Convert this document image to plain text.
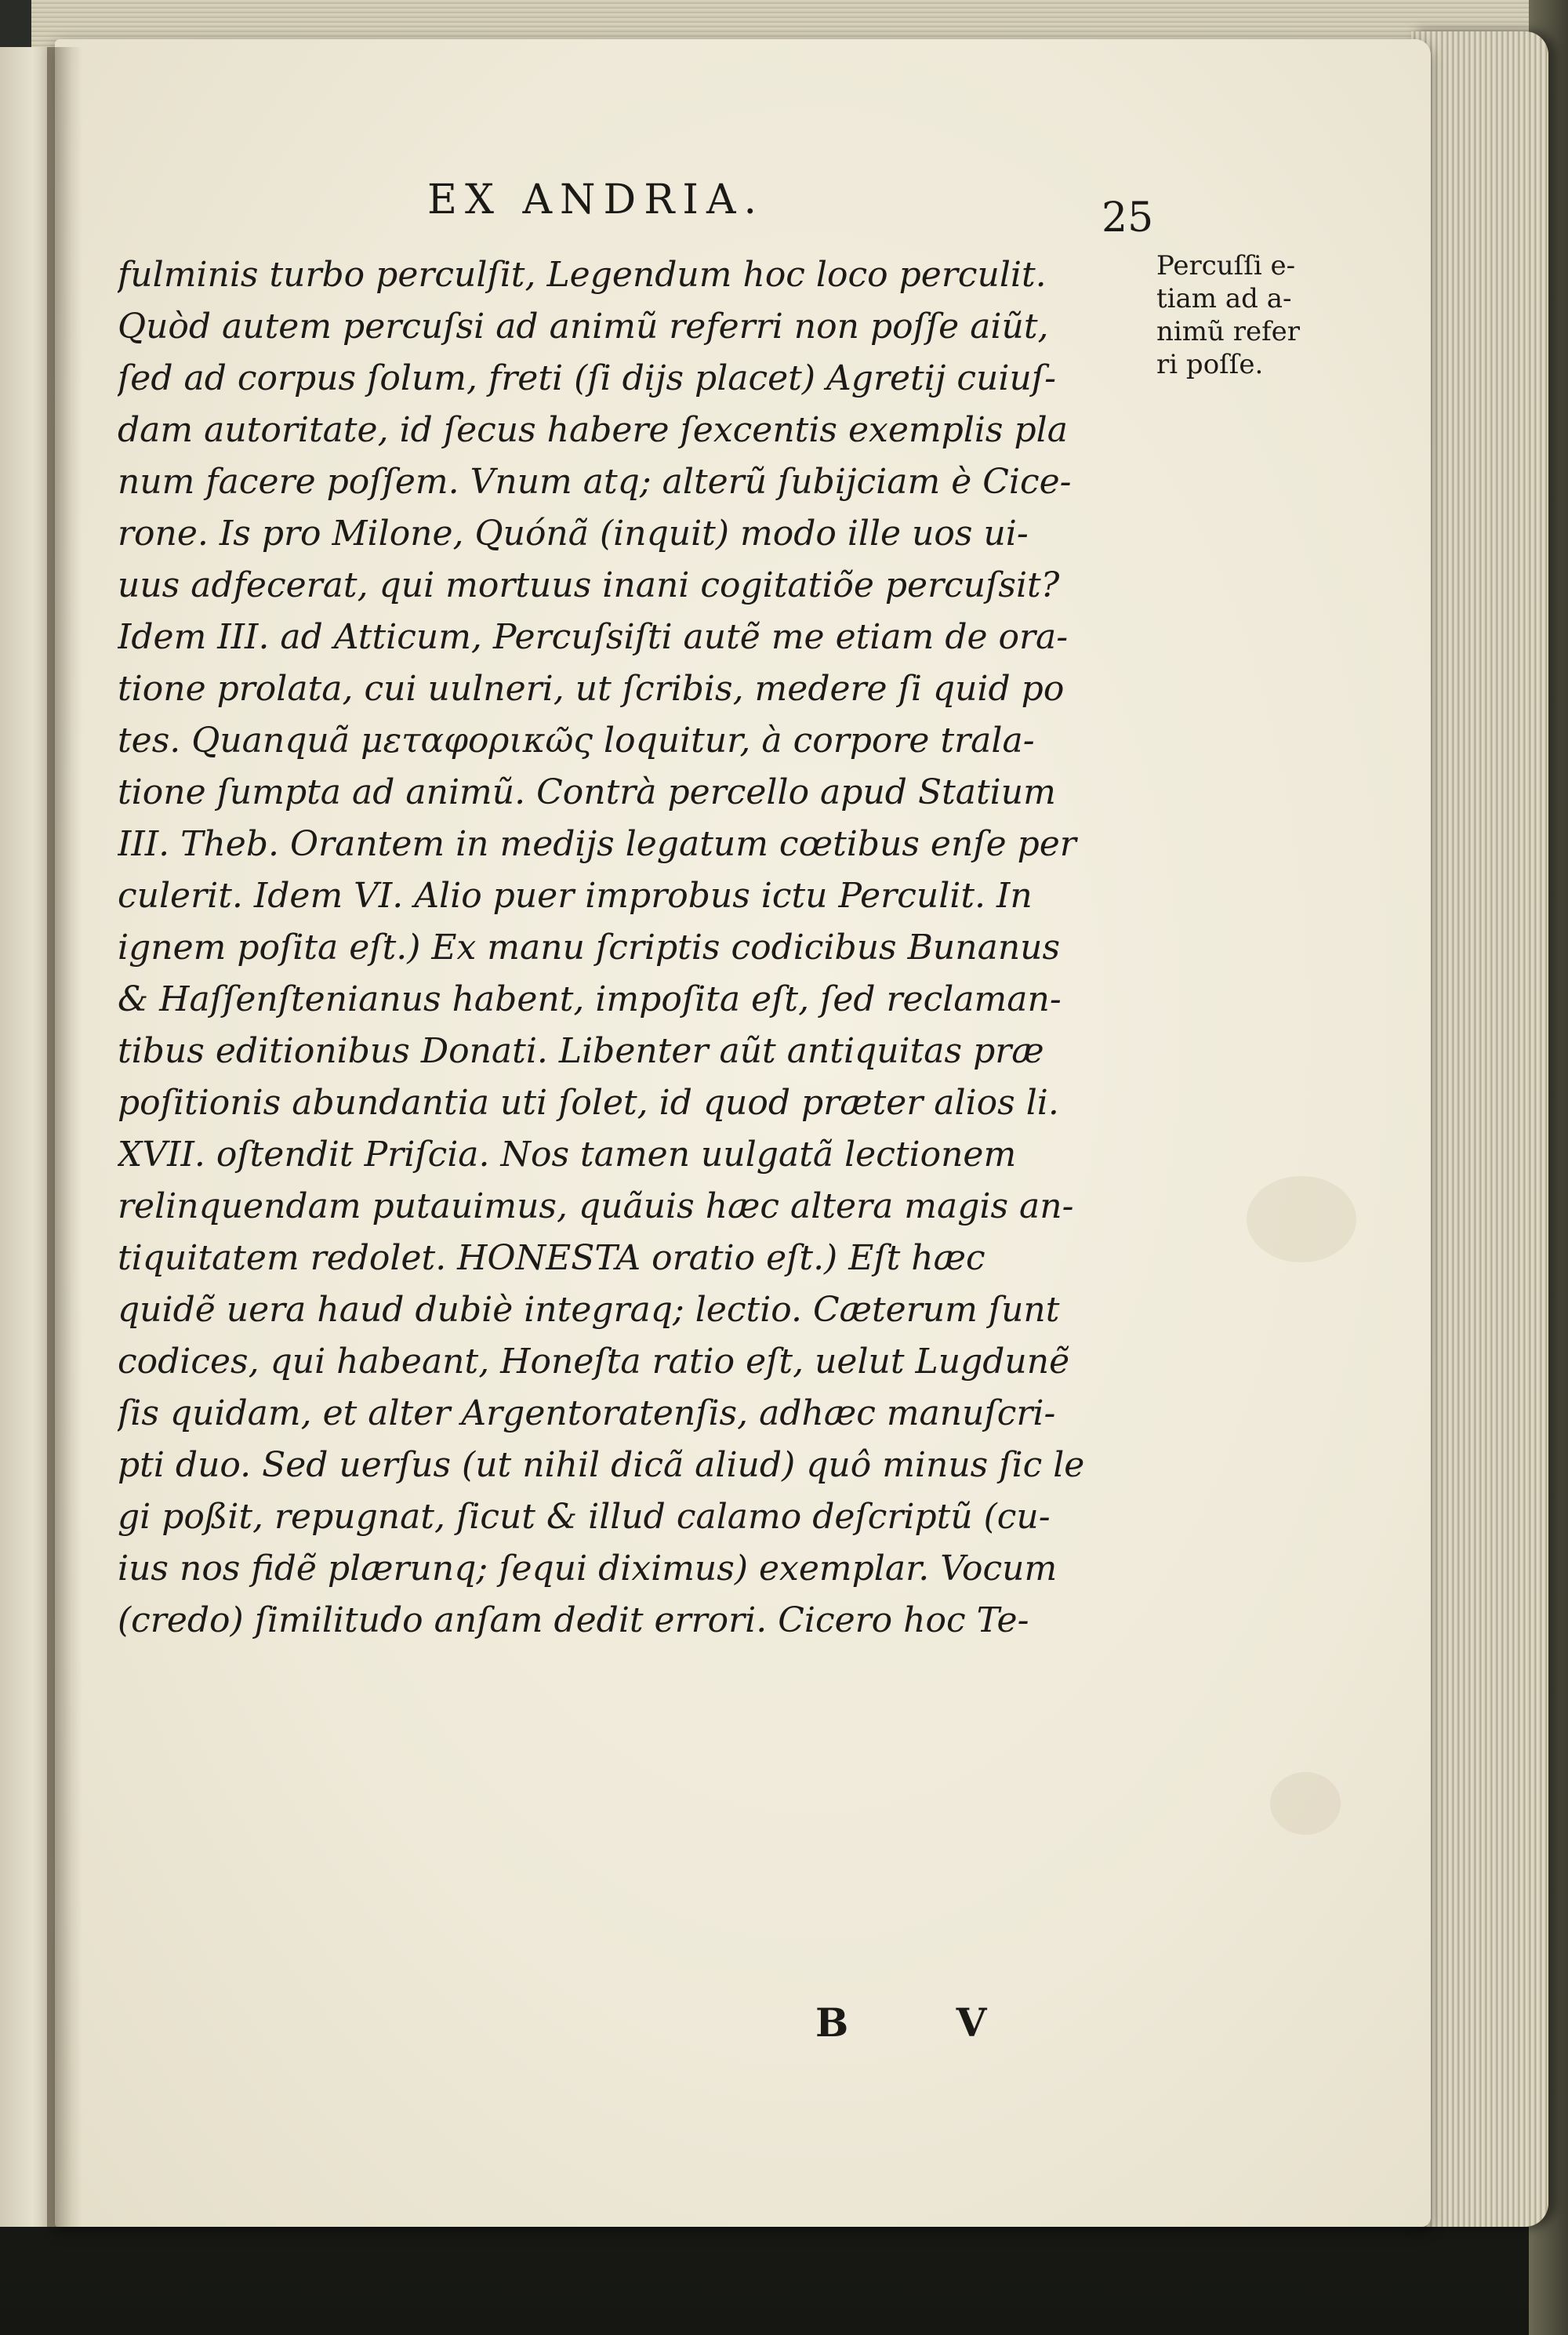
EX ANDRIA.	25
fulminis turbo perculſit, Legendum hoc loco perculit.
Quòd autem percuſsi ad animũ referri non poſſe aiũt,
ſed ad corpus ſolum, freti (ſi dijs placet) Agretij cuiuſ-
dam autoritate, id ſecus habere ſexcentis exemplis pla
num facere poſſem. Vnum atq; alterũ ſubijciam è Cice-
rone. Is pro Milone, Quónã (inquit) modo ille uos ui-
uus adfecerat, qui mortuus inani cogitatiõe percuſsit?
Idem III. ad Atticum, Percuſsiſti autẽ me etiam de ora-
tione prolata, cui uulneri, ut ſcribis, medere ſi quid po
tes. Quanquã μεταφορικῶς loquitur, à corpore trala-
tione ſumpta ad animũ. Contrà percello apud Statium
III. Theb. Orantem in medijs legatum cœtibus enſe per
culerit. Idem VI. Alio puer improbus ictu Perculit. In
ignem poſita eſt.) Ex manu ſcriptis codicibus Bunanus
& Haſſenſtenianus habent, impoſita eſt, ſed reclaman-
tibus editionibus Donati. Libenter aũt antiquitas præ
poſitionis abundantia uti ſolet, id quod præter alios li.
XVII. oſtendit Priſcia. Nos tamen uulgatã lectionem
relinquendam putauimus, quãuis hæc altera magis an-
tiquitatem redolet. HONESTA oratio eſt.) Eſt hæc
quidẽ uera haud dubiè integraq; lectio. Cæterum ſunt
codices, qui habeant, Honeſta ratio eſt, uelut Lugdunẽ
ſis quidam, et alter Argentoratenſis, adhæc manuſcri-
pti duo. Sed uerſus (ut nihil dicã aliud) quô minus ſic le
gi poßit, repugnat, ſicut & illud calamo deſcriptũ (cu-
ius nos fidẽ plærunq; ſequi diximus) exemplar. Vocum
(credo) ſimilitudo anſam dedit errori. Cicero hoc Te-
Percuſſi e-
tiam ad a-
nimũ refer
ri poſſe.
B V
